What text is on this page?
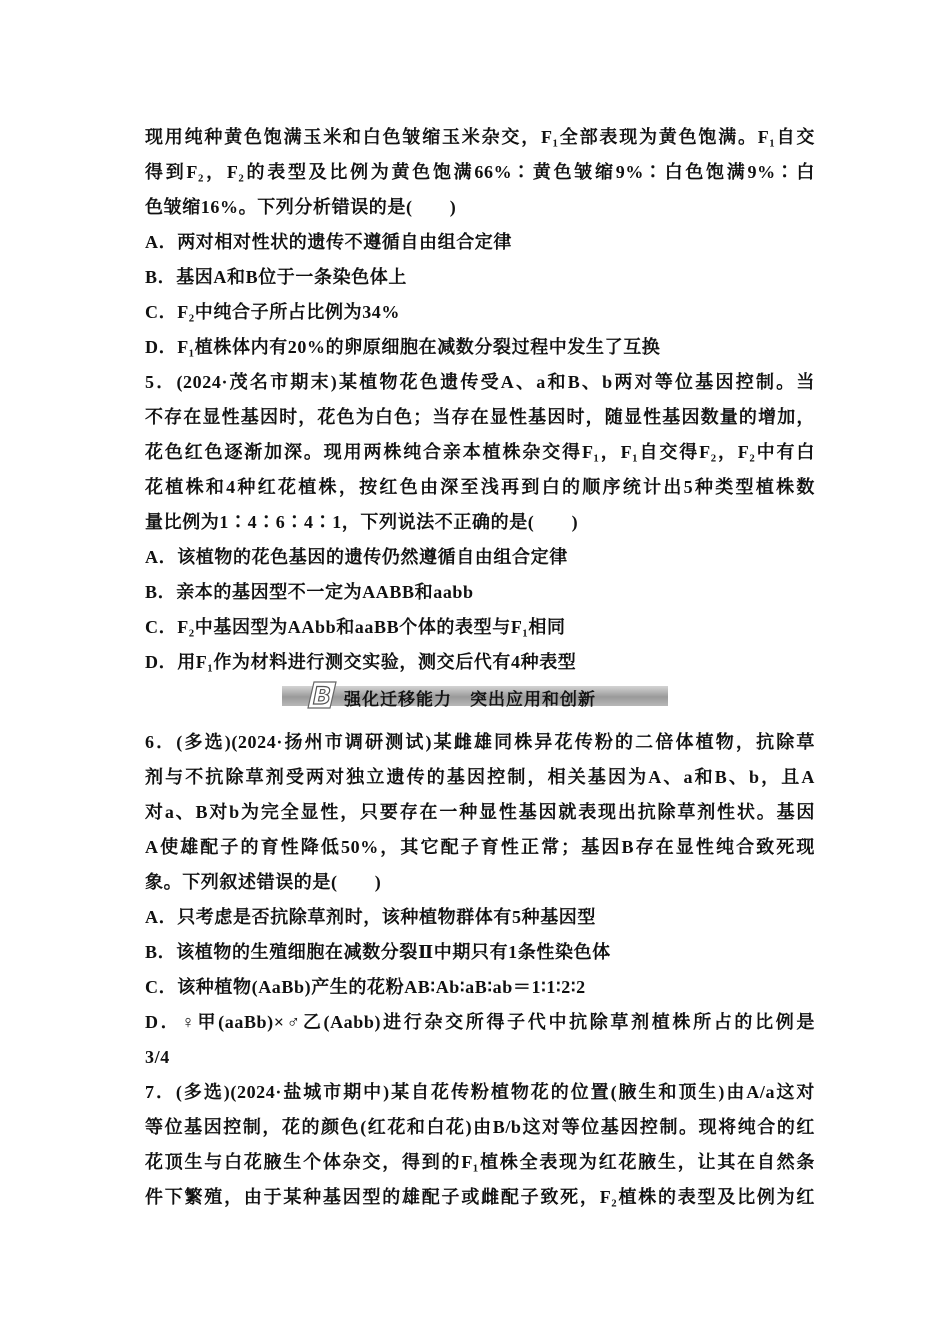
现用纯种黄色饱满玉米和白色皱缩玉米杂交，F₁全部表现为黄色饱满。F₁自交
得到F₂，F₂的表型及比例为黄色饱满66%∶黄色皱缩9%∶白色饱满9%∶白
色皱缩16%。下列分析错误的是(　　)
A．两对相对性状的遗传不遵循自由组合定律
B．基因A和B位于一条染色体上
C．F₂中纯合子所占比例为34%
D．F₁植株体内有20%的卵原细胞在减数分裂过程中发生了互换
5．(2024·茂名市期末)某植物花色遗传受A、a和B、b两对等位基因控制。当
不存在显性基因时，花色为白色；当存在显性基因时，随显性基因数量的增加，
花色红色逐渐加深。现用两株纯合亲本植株杂交得F₁，F₁自交得F₂，F₂中有白
花植株和4种红花植株，按红色由深至浅再到白的顺序统计出5种类型植株数
量比例为1∶4∶6∶4∶1，下列说法不正确的是(　　)
A．该植物的花色基因的遗传仍然遵循自由组合定律
B．亲本的基因型不一定为AABB和aabb
C．F₂中基因型为AAbb和aaBB个体的表型与F₁相同
D．用F₁作为材料进行测交实验，测交后代有4种表型
B 强化迁移能力　突出应用和创新
6．(多选)(2024·扬州市调研测试)某雌雄同株异花传粉的二倍体植物，抗除草
剂与不抗除草剂受两对独立遗传的基因控制，相关基因为A、a和B、b，且A
对a、B对b为完全显性，只要存在一种显性基因就表现出抗除草剂性状。基因
A使雄配子的育性降低50%，其它配子育性正常；基因B存在显性纯合致死现
象。下列叙述错误的是(　　)
A．只考虑是否抗除草剂时，该种植物群体有5种基因型
B．该植物的生殖细胞在减数分裂Ⅱ中期只有1条性染色体
C．该种植物(AaBb)产生的花粉AB∶Ab∶aB∶ab＝1∶1∶2∶2
D．♀甲(aaBb)×♂乙(Aabb)进行杂交所得子代中抗除草剂植株所占的比例是
3/4
7．(多选)(2024·盐城市期中)某自花传粉植物花的位置(腋生和顶生)由A/a这对
等位基因控制，花的颜色(红花和白花)由B/b这对等位基因控制。现将纯合的红
花顶生与白花腋生个体杂交，得到的F₁植株全表现为红花腋生，让其在自然条
件下繁殖，由于某种基因型的雄配子或雌配子致死，F₂植株的表型及比例为红
